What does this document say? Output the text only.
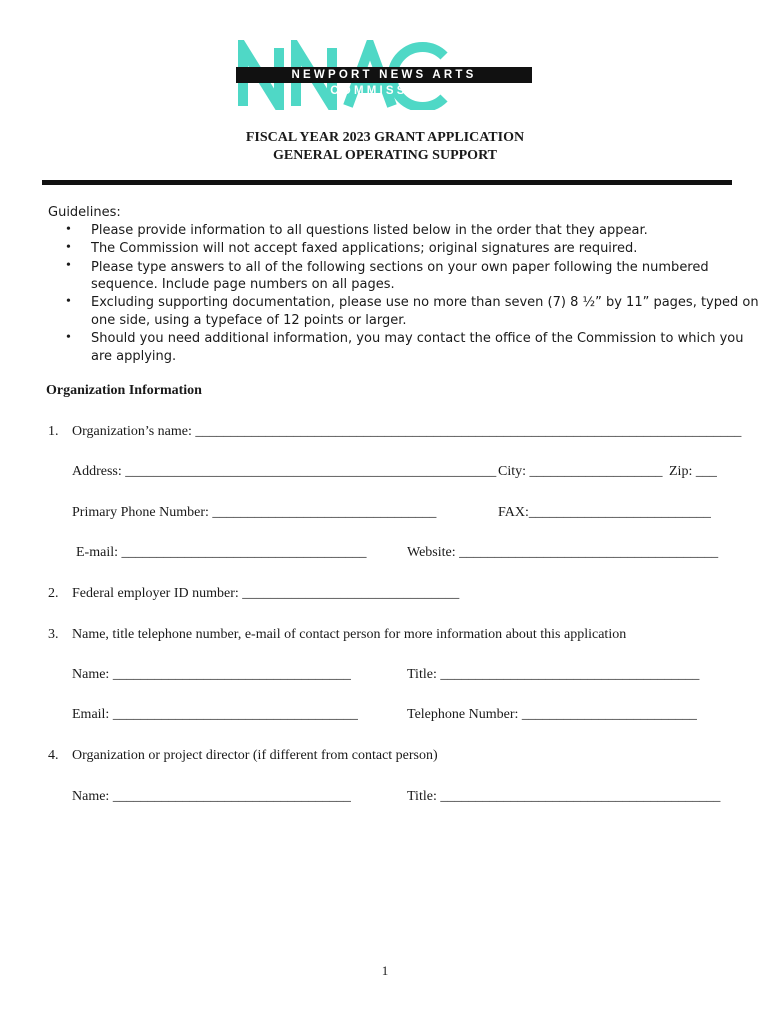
NEWPORT NEWS ARTS COMMISSION
FISCAL YEAR 2023 GRANT APPLICATION
GENERAL OPERATING SUPPORT
Guidelines:
• Please provide information to all questions listed below in the order that they appear.
• The Commission will not accept faxed applications; original signatures are required.
• Please type answers to all of the following sections on your own paper following the numbered
sequence. Include page numbers on all pages.
• Excluding supporting documentation, please use no more than seven (7) 8 ½” by 11” pages, typed on
one side, using a typeface of 12 points or larger.
• Should you need additional information, you may contact the office of the Commission to which you
are applying.
Organization Information
1. Organization’s name: ______________________________________________________________________________
Address: _____________________________________________________ City: ___________________ Zip: ___
Primary Phone Number: ________________________________	FAX:__________________________
E-mail: ___________________________________	Website: _____________________________________
2. Federal employer ID number: _______________________________
3. Name, title telephone number, e-mail of contact person for more information about this application
Name: __________________________________	Title: _____________________________________
Email: ___________________________________	Telephone Number: _________________________
4. Organization or project director (if different from contact person)
Name: __________________________________	Title: ________________________________________
1
